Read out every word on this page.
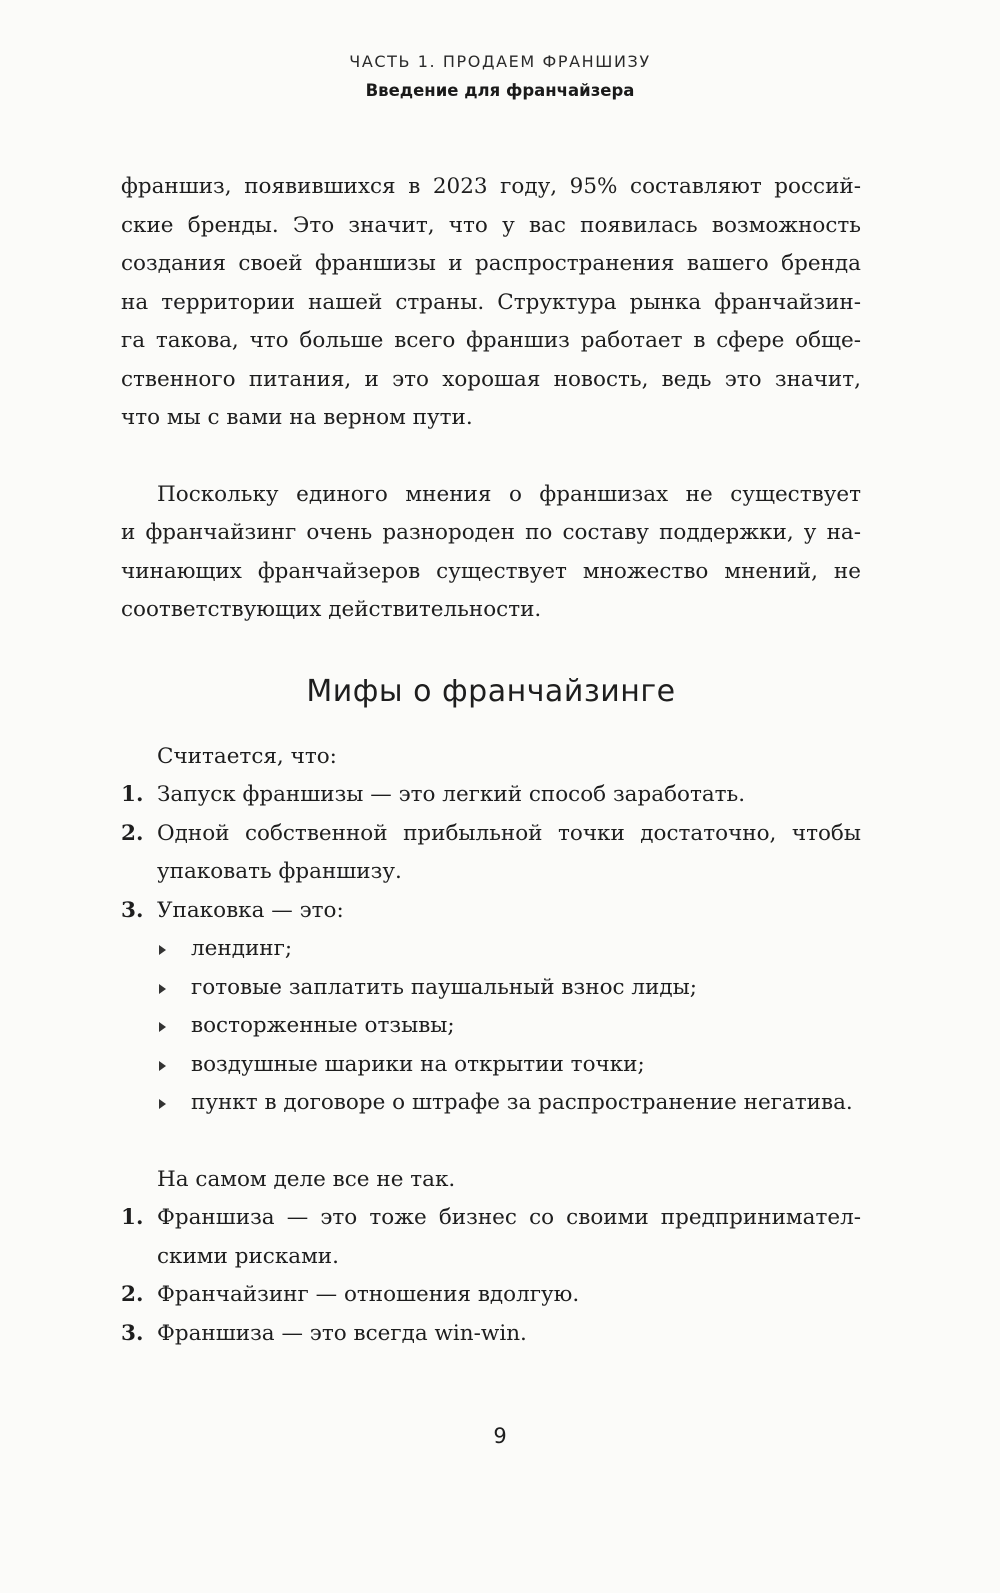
ЧАСТЬ 1. ПРОДАЕМ ФРАНШИЗУ
Введение для франчайзера

франшиз, появившихся в 2023 году, 95% составляют россий-

ские бренды. Это значит, что у вас появилась возможность

создания своей франшизы и распространения вашего бренда

на территории нашей страны. Структура рынка франчайзин-

га такова, что больше всего франшиз работает в сфере обще-

ственного питания, и это хорошая новость, ведь это значит,

что мы с вами на верном пути.

Поскольку единого мнения о франшизах не существует

и франчайзинг очень разнороден по составу поддержки, у на-

чинающих франчайзеров существует множество мнений, не

соответствующих действительности.

Мифы о франчайзинге

Считается, что:

1. Запуск франшизы — это легкий способ заработать.
2. Одной собственной прибыльной точки достаточно, чтобы
упаковать франшизу.
3. Упаковка — это:
лендинг;
готовые заплатить паушальный взнос лиды;
восторженные отзывы;
воздушные шарики на открытии точки;
пункт в договоре о штрафе за распространение негатива.

На самом деле все не так.

1. Франшиза — это тоже бизнес со своими предпринимател-
скими рисками.
2. Франчайзинг — отношения вдолгую.
3. Франшиза — это всегда win-win.
9
